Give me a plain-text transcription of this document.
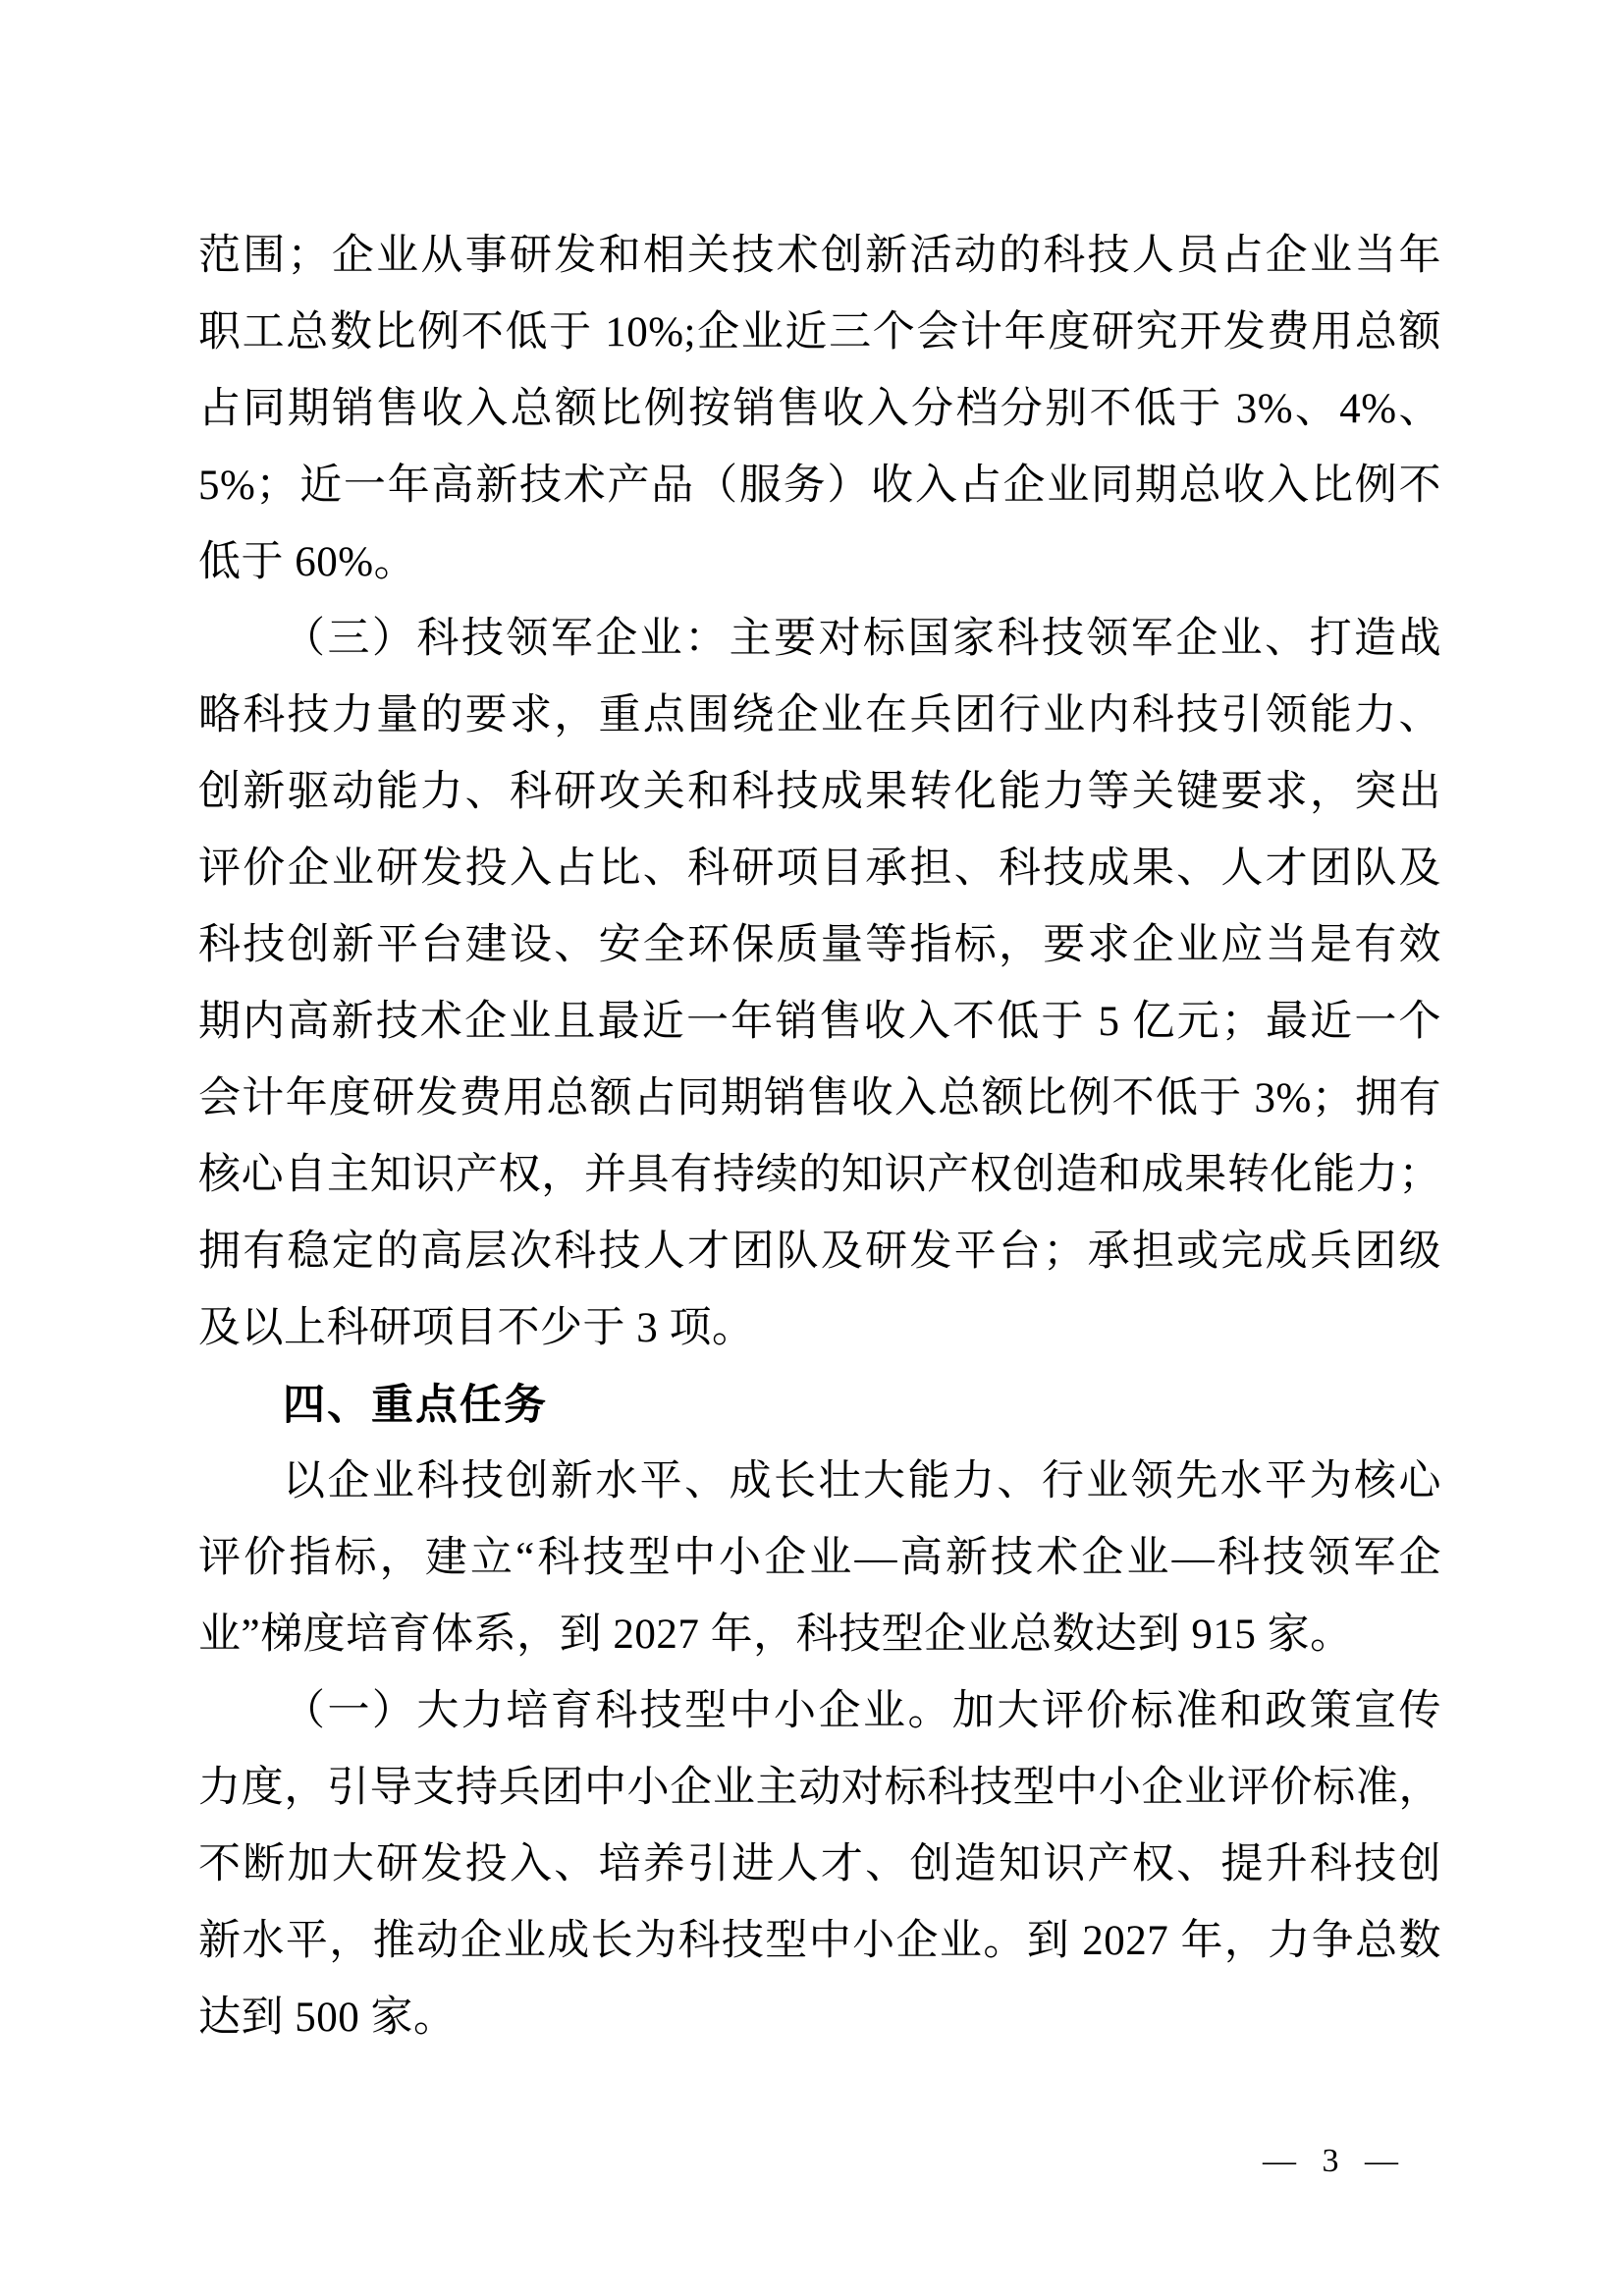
范围；企业从事研发和相关技术创新活动的科技人员占企业当年
职工总数比例不低于 10%;企业近三个会计年度研究开发费用总额
占同期销售收入总额比例按销售收入分档分别不低于 3%、4%、
5%；近一年高新技术产品（服务）收入占企业同期总收入比例不
低于 60%。
（三）科技领军企业：主要对标国家科技领军企业、打造战
略科技力量的要求，重点围绕企业在兵团行业内科技引领能力、
创新驱动能力、科研攻关和科技成果转化能力等关键要求，突出
评价企业研发投入占比、科研项目承担、科技成果、人才团队及
科技创新平台建设、安全环保质量等指标，要求企业应当是有效
期内高新技术企业且最近一年销售收入不低于 5 亿元；最近一个
会计年度研发费用总额占同期销售收入总额比例不低于 3%；拥有
核心自主知识产权，并具有持续的知识产权创造和成果转化能力；
拥有稳定的高层次科技人才团队及研发平台；承担或完成兵团级
及以上科研项目不少于 3 项。
四、重点任务
以企业科技创新水平、成长壮大能力、行业领先水平为核心
评价指标，建立“科技型中小企业—高新技术企业—科技领军企
业”梯度培育体系，到 2027 年，科技型企业总数达到 915 家。
（一）大力培育科技型中小企业。加大评价标准和政策宣传
力度，引导支持兵团中小企业主动对标科技型中小企业评价标准，
不断加大研发投入、培养引进人才、创造知识产权、提升科技创
新水平，推动企业成长为科技型中小企业。到 2027 年，力争总数
达到 500 家。
— 3 —
